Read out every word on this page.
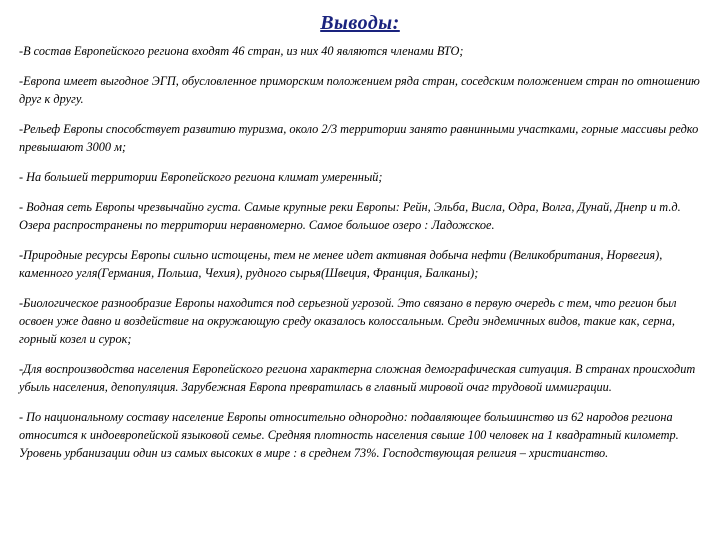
Выводы:

-В состав Европейского региона входят 46 стран, из них 40 являются членами ВТО;

-Европа имеет выгодное ЭГП, обусловленное приморским положением ряда стран, соседским положением стран по отношению друг к другу.

-Рельеф Европы способствует развитию туризма, около 2/3 территории занято равнинными участками, горные массивы редко превышают 3000 м;

- На большей территории Европейского региона климат умеренный;

- Водная сеть Европы чрезвычайно густа. Самые крупные реки Европы: Рейн, Эльба, Висла, Одра, Волга, Дунай, Днепр и т.д. Озера распространены по территории неравномерно. Самое большое озеро : Ладожское.

-Природные ресурсы Европы сильно истощены, тем не менее идет активная добыча нефти (Великобритания, Норвегия), каменного угля(Германия, Польша, Чехия), рудного сырья(Швеция, Франция, Балканы);

-Биологическое разнообразие Европы находится под серьезной угрозой. Это связано в первую очередь с тем, что регион был освоен уже давно и воздействие на окружающую среду оказалось колоссальным. Среди эндемичных видов, такие как, серна, горный козел и сурок;

-Для воспроизводства населения Европейского региона характерна сложная демографическая ситуация. В странах происходит убыль населения, депопуляция. Зарубежная Европа превратилась в главный мировой очаг трудовой иммиграции.

- По национальному составу население Европы относительно однородно: подавляющее большинство из 62 народов региона относится к индоевропейской языковой семье. Средняя плотность населения свыше 100 человек на 1 квадратный километр. Уровень урбанизации один из самых высоких в мире : в среднем 73%. Господствующая религия – христианство.
